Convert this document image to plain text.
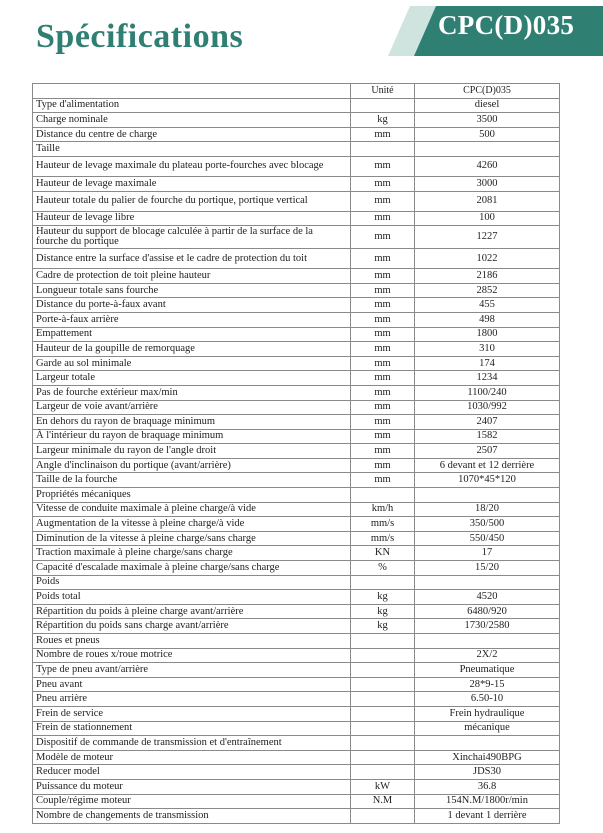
Spécifications	CPC(D)035
	Unité	CPC(D)035
Type d'alimentation		diesel
Charge nominale	kg	3500
Distance du centre de charge	mm	500
Taille		
Hauteur de levage maximale du plateau porte-fourches avec blocage	mm	4260
Hauteur de levage maximale	mm	3000
Hauteur totale du palier de fourche du portique, portique vertical	mm	2081
Hauteur de levage libre	mm	100
Hauteur du support de blocage calculée à partir de la surface de la fourche du portique	mm	1227
Distance entre la surface d'assise et le cadre de protection du toit	mm	1022
Cadre de protection de toit pleine hauteur	mm	2186
Longueur totale sans fourche	mm	2852
Distance du porte-à-faux avant	mm	455
Porte-à-faux arrière	mm	498
Empattement	mm	1800
Hauteur de la goupille de remorquage	mm	310
Garde au sol minimale	mm	174
Largeur totale	mm	1234
Pas de fourche extérieur max/min	mm	1100/240
Largeur de voie avant/arrière	mm	1030/992
En dehors du rayon de braquage minimum	mm	2407
À l'intérieur du rayon de braquage minimum	mm	1582
Largeur minimale du rayon de l'angle droit	mm	2507
Angle d'inclinaison du portique (avant/arrière)	mm	6 devant et 12 derrière
Taille de la fourche	mm	1070*45*120
Propriétés mécaniques		
Vitesse de conduite maximale à pleine charge/à vide	km/h	18/20
Augmentation de la vitesse à pleine charge/à vide	mm/s	350/500
Diminution de la vitesse à pleine charge/sans charge	mm/s	550/450
Traction maximale à pleine charge/sans charge	KN	17
Capacité d'escalade maximale à pleine charge/sans charge	%	15/20
Poids		
Poids total	kg	4520
Répartition du poids à pleine charge avant/arrière	kg	6480/920
Répartition du poids sans charge avant/arrière	kg	1730/2580
Roues et pneus		
Nombre de roues x/roue motrice		2X/2
Type de pneu avant/arrière		Pneumatique
Pneu avant		28*9-15
Pneu arrière		6.50-10
Frein de service		Frein hydraulique
Frein de stationnement		mécanique
Dispositif de commande de transmission et d'entraînement		
Modèle de moteur		Xinchai490BPG
Reducer model		JDS30
Puissance du moteur	kW	36.8
Couple/régime moteur	N.M	154N.M/1800r/min
Nombre de changements de transmission		1 devant 1 derrière
